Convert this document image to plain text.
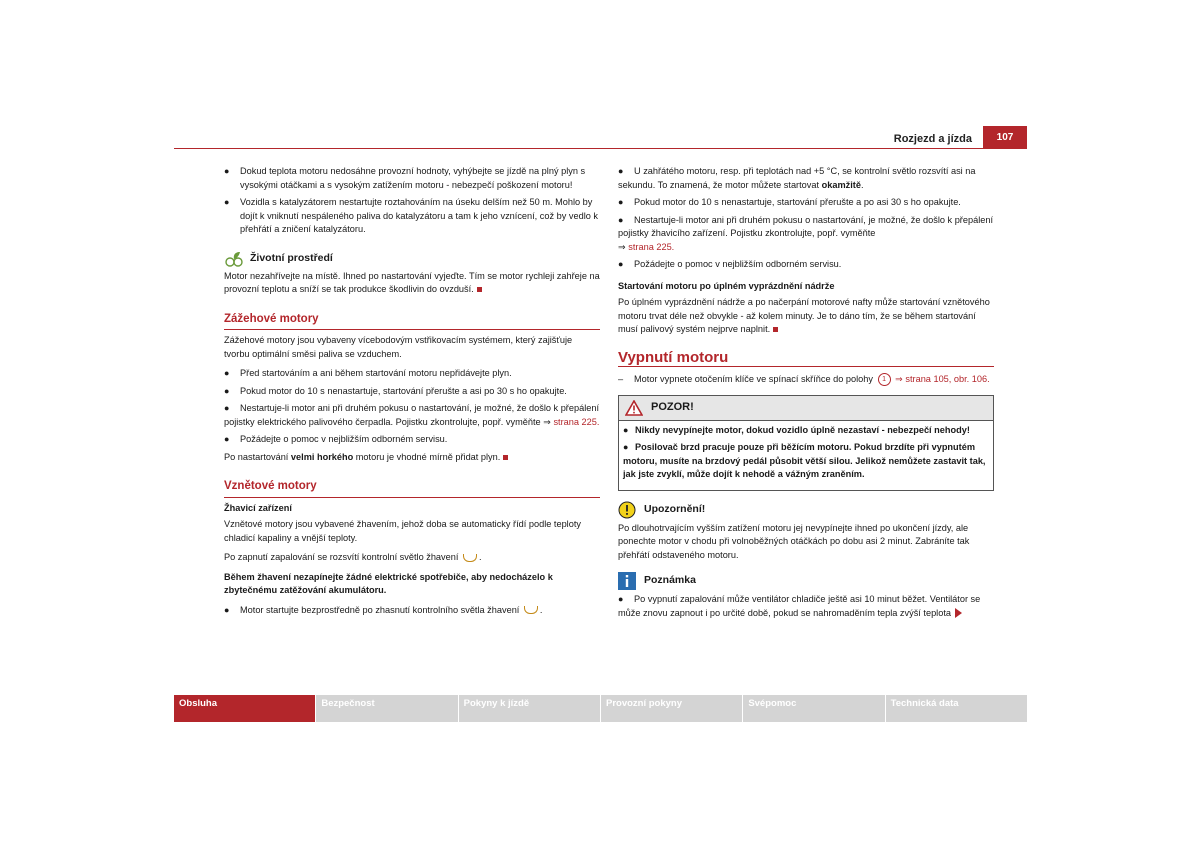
Rozjezd a jízda	107
● Dokud teplota motoru nedosáhne provozní hodnoty, vyhýbejte se jízdě na plný plyn s vysokými otáčkami a s vysokým zatížením motoru - nebezpečí poškození motoru!
● Vozidla s katalyzátorem nestartujte roztahováním na úseku delším než 50 m. Mohlo by dojít k vniknutí nespáleného paliva do katalyzátoru a tam k jeho vznícení, což by vedlo k přehřátí a zničení katalyzátoru.
Životní prostředí

Motor nezahřívejte na místě. Ihned po nastartování vyjeďte. Tím se motor rychleji zahřeje na provozní teplotu a sníží se tak produkce škodlivin do ovzduší.

Zážehové motory

Zážehové motory jsou vybaveny vícebodovým vstřikovacím systémem, který zajišťuje tvorbu optimální směsi paliva se vzduchem.

● Před startováním a ani během startování motoru nepřidávejte plyn.
● Pokud motor do 10 s nenastartuje, startování přerušte a asi po 30 s ho opakujte.
● Nestartuje-li motor ani při druhém pokusu o nastartování, je možné, že došlo k přepálení pojistky elektrického palivového čerpadla. Pojistku zkontrolujte, popř. vyměňte ⇒ strana 225.
● Požádejte o pomoc v nejbližším odborném servisu.

Po nastartování velmi horkého motoru je vhodné mírně přidat plyn.

Vznětové motory
Žhavicí zařízení

Vznětové motory jsou vybavené žhavením, jehož doba se automaticky řídí podle teploty chladicí kapaliny a vnější teploty.

Po zapnutí zapalování se rozsvítí kontrolní světlo žhavení .

Během žhavení nezapínejte žádné elektrické spotřebiče, aby nedocházelo k zbytečnému zatěžování akumulátoru.

● Motor startujte bezprostředně po zhasnutí kontrolního světla žhavení .
● U zahřátého motoru, resp. při teplotách nad +5 °C, se kontrolní světlo rozsvítí asi na sekundu. To znamená, že motor můžete startovat okamžitě.
● Pokud motor do 10 s nenastartuje, startování přerušte a po asi 30 s ho opakujte.
● Nestartuje-li motor ani při druhém pokusu o nastartování, je možné, že došlo k přepálení pojistky žhavicího zařízení. Pojistku zkontrolujte, popř. vyměňte
⇒ strana 225.
● Požádejte o pomoc v nejbližším odborném servisu.
Startování motoru po úplném vyprázdnění nádrže

Po úplném vyprázdnění nádrže a po načerpání motorové nafty může startování vznětového motoru trvat déle než obvykle - až kolem minuty. Je to dáno tím, že se během startování musí palivový systém nejprve naplnit.

Vypnutí motoru

– Motor vypnete otočením klíče ve spínací skříňce do polohy 1 ⇒ strana 105, obr. 106.

POZOR!
● Nikdy nevypínejte motor, dokud vozidlo úplně nezastaví - nebezpečí nehody!
● Posilovač brzd pracuje pouze při běžícím motoru. Pokud brzdíte při vypnutém motoru, musíte na brzdový pedál působit větší silou. Jelikož nemůžete zastavit tak, jak jste zvyklí, může dojít k nehodě a vážným zraněním.
Upozornění!

Po dlouhotrvajícím vyšším zatížení motoru jej nevypínejte ihned po ukončení jízdy, ale ponechte motor v chodu při volnoběžných otáčkách po dobu asi 2 minut. Zabráníte tak přehřátí odstaveného motoru.

Poznámka
● Po vypnutí zapalování může ventilátor chladiče ještě asi 10 minut běžet. Ventilátor se může znovu zapnout i po určité době, pokud se nahromaděním tepla zvýší teplota
Obsluha	Bezpečnost	Pokyny k jízdě	Provozní pokyny	Svépomoc	Technická data
